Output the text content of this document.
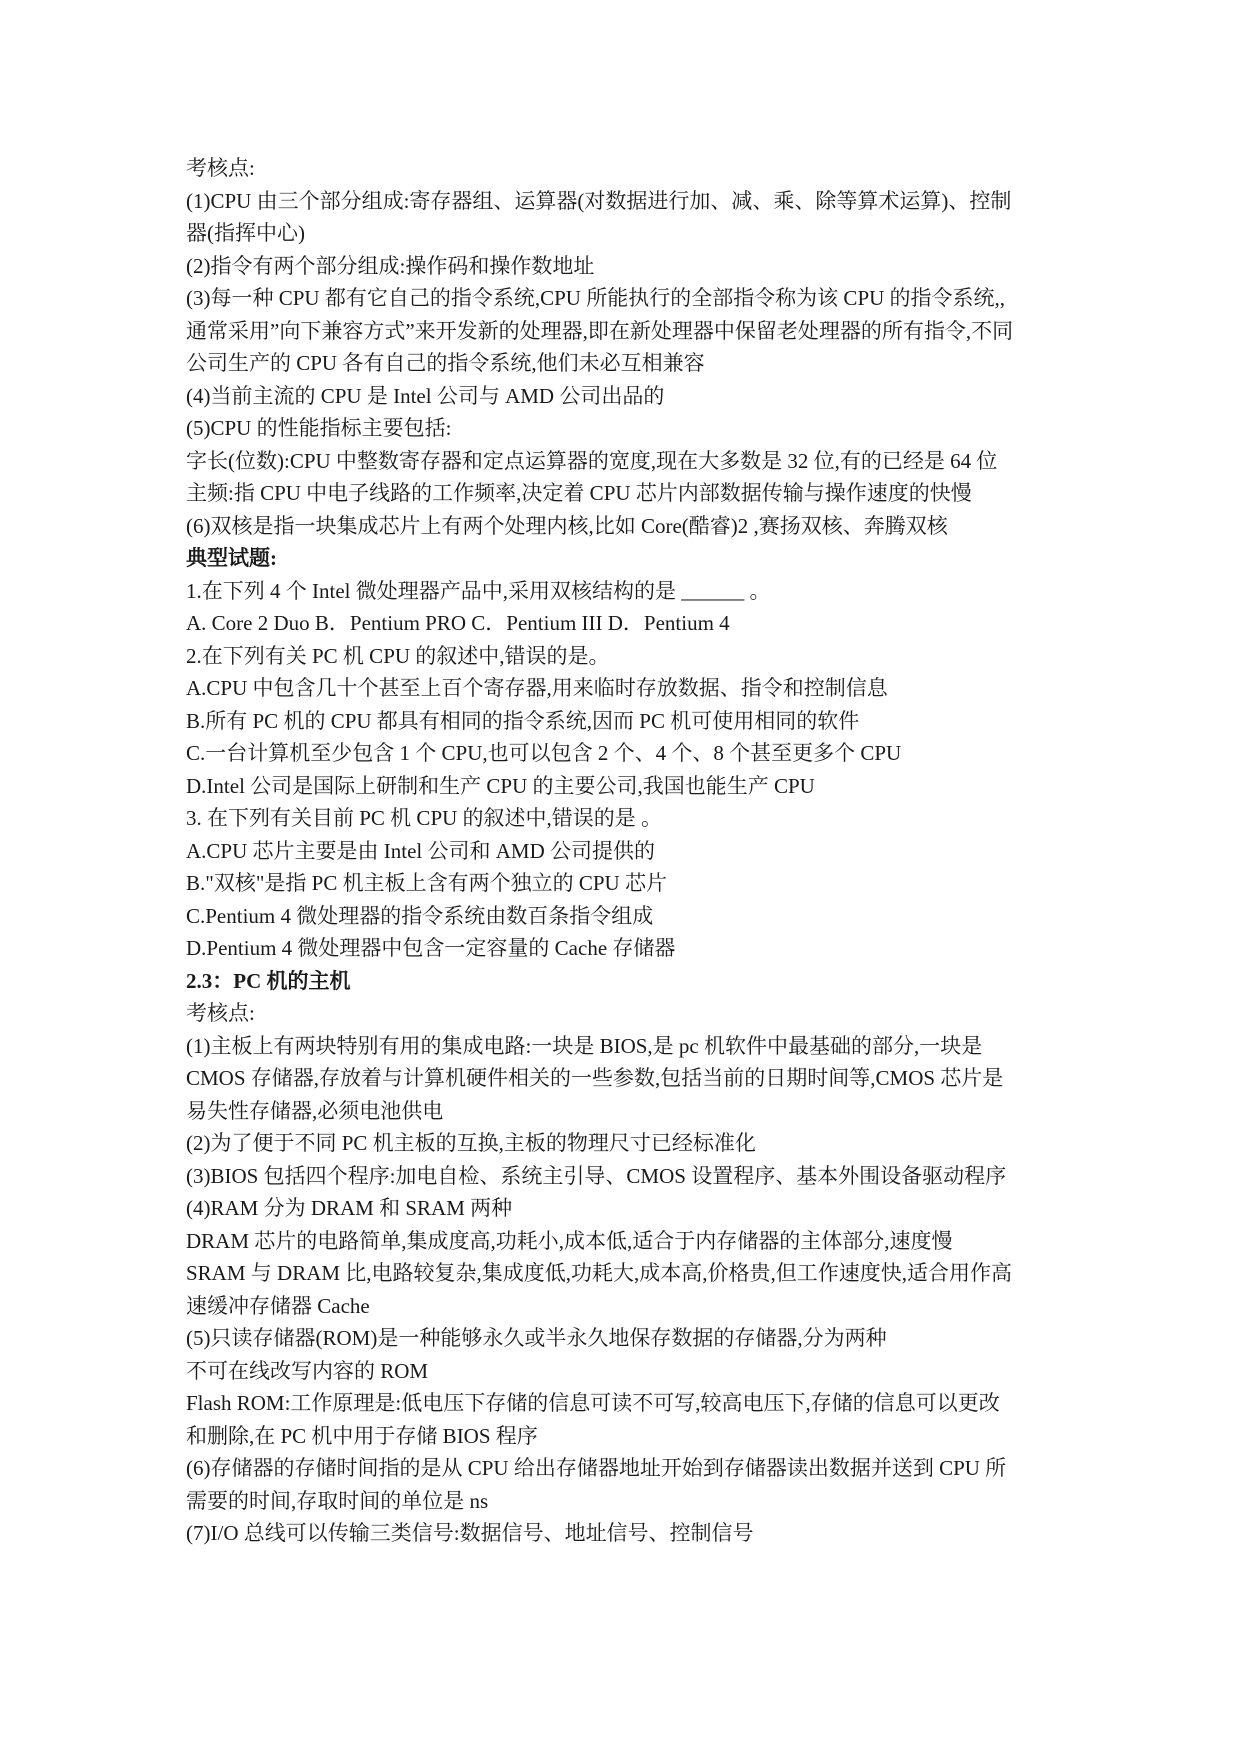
考核点:
(1)CPU 由三个部分组成:寄存器组、运算器(对数据进行加、减、乘、除等算术运算)、控制
器(指挥中心)
(2)指令有两个部分组成:操作码和操作数地址
(3)每一种 CPU 都有它自己的指令系统,CPU 所能执行的全部指令称为该 CPU 的指令系统,,
通常采用”向下兼容方式”来开发新的处理器,即在新处理器中保留老处理器的所有指令,不同
公司生产的 CPU 各有自己的指令系统,他们未必互相兼容
(4)当前主流的 CPU 是 Intel 公司与 AMD 公司出品的
(5)CPU 的性能指标主要包括:
字长(位数):CPU 中整数寄存器和定点运算器的宽度,现在大多数是 32 位,有的已经是 64 位
主频:指 CPU 中电子线路的工作频率,决定着 CPU 芯片内部数据传输与操作速度的快慢
(6)双核是指一块集成芯片上有两个处理内核,比如 Core(酷睿)2 ,赛扬双核、奔腾双核
典型试题:
1.在下列 4 个 Intel 微处理器产品中,采用双核结构的是 ______ 。
A. Core 2 Duo B．Pentium PRO C．Pentium III D．Pentium 4
2.在下列有关 PC 机 CPU 的叙述中,错误的是。
A.CPU 中包含几十个甚至上百个寄存器,用来临时存放数据、指令和控制信息
B.所有 PC 机的 CPU 都具有相同的指令系统,因而 PC 机可使用相同的软件
C.一台计算机至少包含 1 个 CPU,也可以包含 2 个、4 个、8 个甚至更多个 CPU
D.Intel 公司是国际上研制和生产 CPU 的主要公司,我国也能生产 CPU
3. 在下列有关目前 PC 机 CPU 的叙述中,错误的是 。
A.CPU 芯片主要是由 Intel 公司和 AMD 公司提供的
B."双核"是指 PC 机主板上含有两个独立的 CPU 芯片
C.Pentium 4 微处理器的指令系统由数百条指令组成
D.Pentium 4 微处理器中包含一定容量的 Cache 存储器
2.3：PC 机的主机
考核点:
(1)主板上有两块特别有用的集成电路:一块是 BIOS,是 pc 机软件中最基础的部分,一块是
CMOS 存储器,存放着与计算机硬件相关的一些参数,包括当前的日期时间等,CMOS 芯片是
易失性存储器,必须电池供电
(2)为了便于不同 PC 机主板的互换,主板的物理尺寸已经标准化
(3)BIOS 包括四个程序:加电自检、系统主引导、CMOS 设置程序、基本外围设备驱动程序
(4)RAM 分为 DRAM 和 SRAM 两种
DRAM 芯片的电路简单,集成度高,功耗小,成本低,适合于内存储器的主体部分,速度慢
SRAM 与 DRAM 比,电路较复杂,集成度低,功耗大,成本高,价格贵,但工作速度快,适合用作高
速缓冲存储器 Cache
(5)只读存储器(ROM)是一种能够永久或半永久地保存数据的存储器,分为两种
不可在线改写内容的 ROM
Flash ROM:工作原理是:低电压下存储的信息可读不可写,较高电压下,存储的信息可以更改
和删除,在 PC 机中用于存储 BIOS 程序
(6)存储器的存储时间指的是从 CPU 给出存储器地址开始到存储器读出数据并送到 CPU 所
需要的时间,存取时间的单位是 ns
(7)I/O 总线可以传输三类信号:数据信号、地址信号、控制信号
